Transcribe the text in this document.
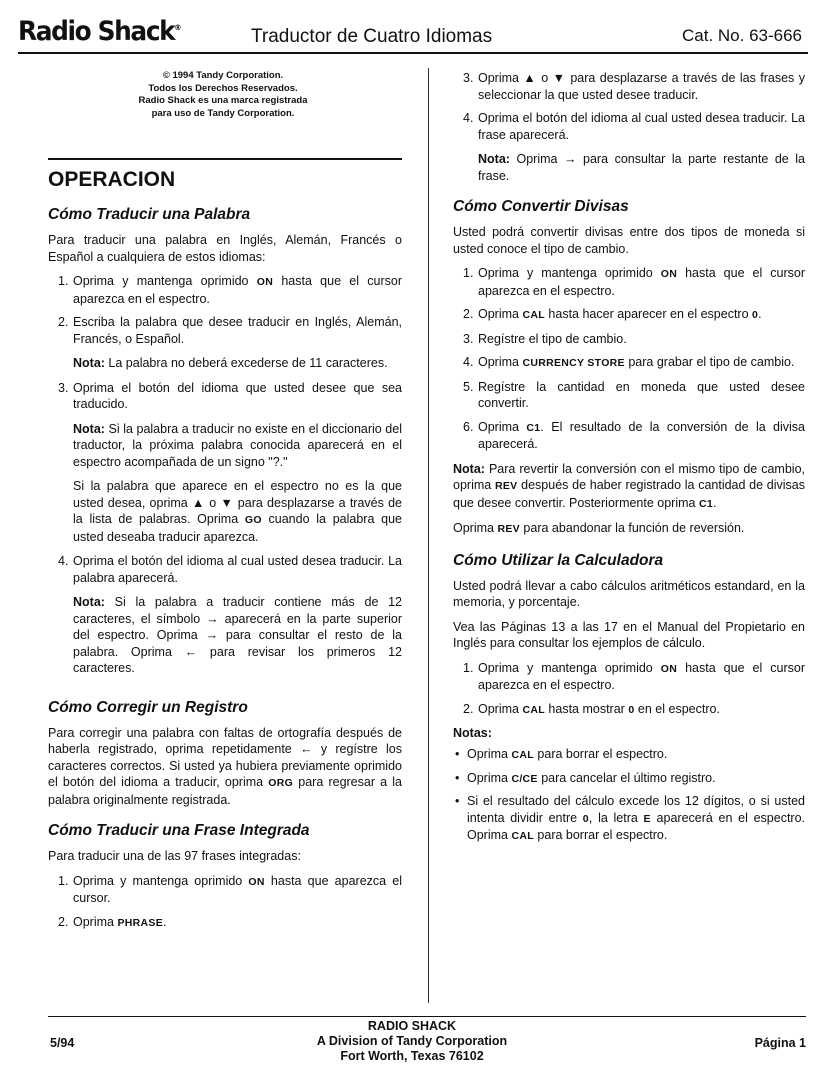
Radio Shack®	Traductor de Cuatro Idiomas	Cat. No. 63-666
© 1994 Tandy Corporation.
Todos los Derechos Reservados.
Radio Shack es una marca registrada
para uso de Tandy Corporation.
OPERACION
Cómo Traducir una Palabra

Para traducir una palabra en Inglés, Alemán, Francés o Español a cualquiera de estos idiomas:

1. Oprima y mantenga oprimido ON hasta que el cursor aparezca en el espectro.
2. Escriba la palabra que desee traducir en Inglés, Alemán, Francés, o Español.
Nota: La palabra no deberá excederse de 11 caracteres.
3. Oprima el botón del idioma que usted desee que sea traducido.
Nota: Si la palabra a traducir no existe en el diccionario del traductor, la próxima palabra conocida aparecerá en el espectro acompañada de un signo "?."
Si la palabra que aparece en el espectro no es la que usted desea, oprima ▲ o ▼ para desplazarse a través de la lista de palabras. Oprima GO cuando la palabra que usted deseaba traducir aparezca.
4. Oprima el botón del idioma al cual usted desea traducir. La palabra aparecerá.
Nota: Si la palabra a traducir contiene más de 12 caracteres, el símbolo → aparecerá en la parte superior del espectro. Oprima → para consultar el resto de la palabra. Oprima ← para revisar los primeros 12 caracteres.
Cómo Corregir un Registro

Para corregir una palabra con faltas de ortografía después de haberla registrado, oprima repetidamente ← y regístre los caracteres correctos. Si usted ya hubiera previamente oprimido el botón del idioma a traducir, oprima ORG para regresar a la palabra originalmente registrada.

Cómo Traducir una Frase Integrada

Para traducir una de las 97 frases integradas:

1. Oprima y mantenga oprimido ON hasta que aparezca el cursor.
2. Oprima PHRASE.
3. Oprima ▲ o ▼ para desplazarse a través de las frases y seleccionar la que usted desee traducir.
4. Oprima el botón del idioma al cual usted desea traducir. La frase aparecerá.
Nota: Oprima → para consultar la parte restante de la frase.
Cómo Convertir Divisas

Usted podrá convertir divisas entre dos tipos de moneda si usted conoce el tipo de cambio.

1. Oprima y mantenga oprimido ON hasta que el cursor aparezca en el espectro.
2. Oprima CAL hasta hacer aparecer en el espectro 0.
3. Regístre el tipo de cambio.
4. Oprima CURRENCY STORE para grabar el tipo de cambio.
5. Regístre la cantidad en moneda que usted desee convertir.
6. Oprima C1. El resultado de la conversión de la divisa aparecerá.

Nota: Para revertir la conversión con el mismo tipo de cambio, oprima REV después de haber registrado la cantidad de divisas que desee convertir. Posteriormente oprima C1.

Oprima REV para abandonar la función de reversión.

Cómo Utilizar la Calculadora

Usted podrá llevar a cabo cálculos aritméticos estandard, en la memoria, y porcentaje.

Vea las Páginas 13 a las 17 en el Manual del Propietario en Inglés para consultar los ejemplos de cálculo.

1. Oprima y mantenga oprimido ON hasta que el cursor aparezca en el espectro.
2. Oprima CAL hasta mostrar 0 en el espectro.
Notas:
• Oprima CAL para borrar el espectro.
• Oprima C/CE para cancelar el último registro.
• Si el resultado del cálculo excede los 12 dígitos, o si usted intenta dividir entre 0, la letra E aparecerá en el espectro. Oprima CAL para borrar el espectro.
5/94
RADIO SHACK
A Division of Tandy Corporation
Fort Worth, Texas 76102
Página 1
